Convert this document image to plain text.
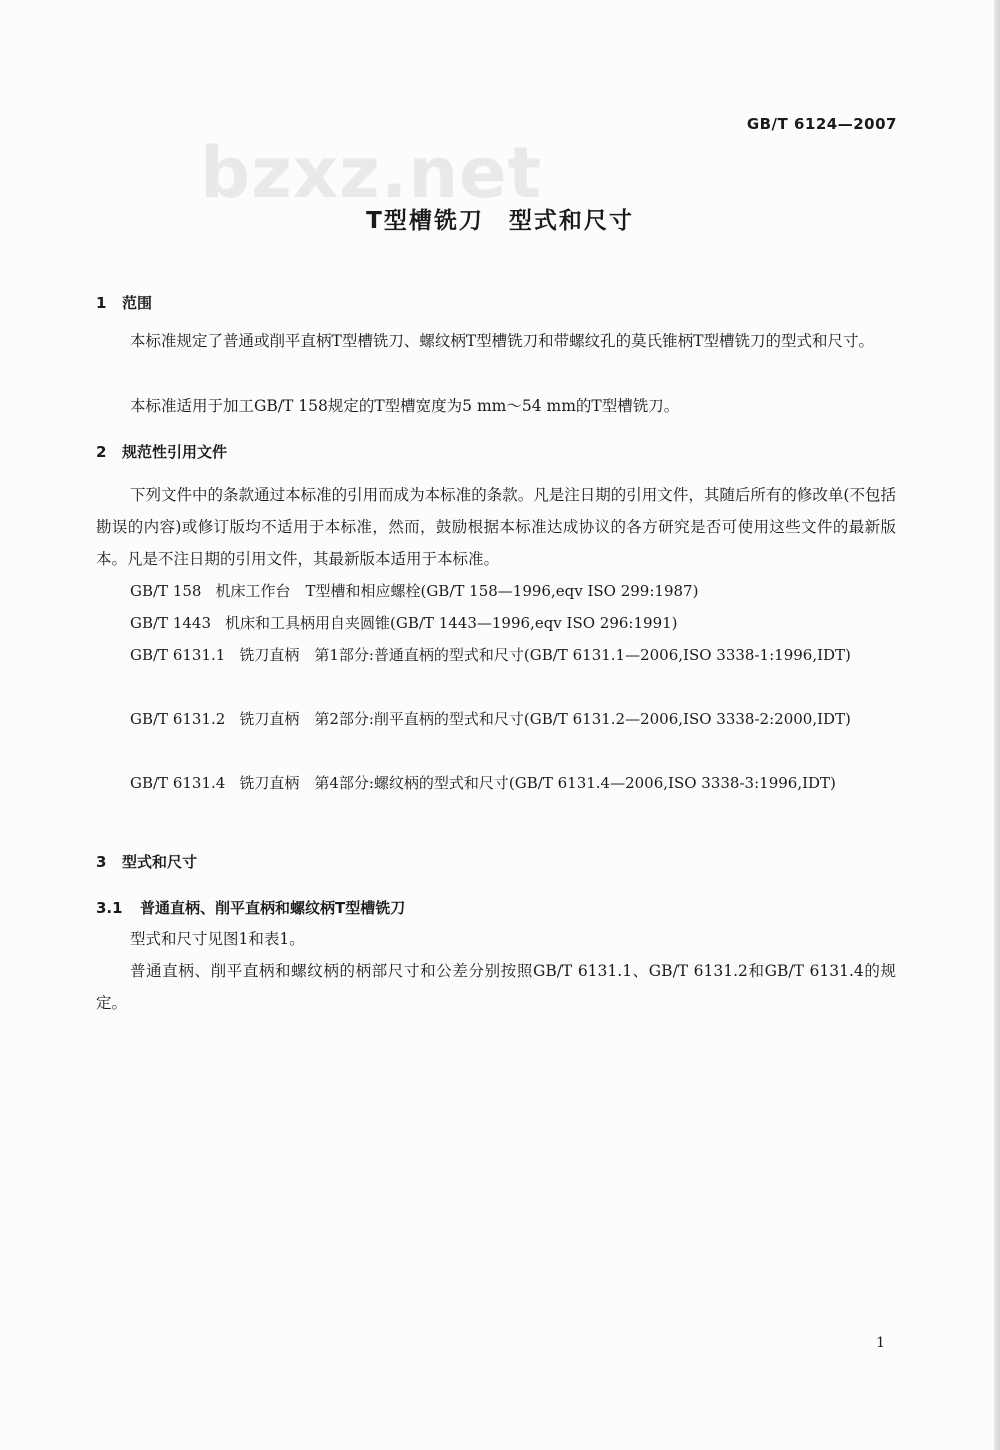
GB/T 6124—2007
bzxz.net
T型槽铣刀　型式和尺寸
1 范围
本标准规定了普通或削平直柄T型槽铣刀、螺纹柄T型槽铣刀和带螺纹孔的莫氏锥柄T型槽铣刀的型式和尺寸。
本标准适用于加工GB/T 158规定的T型槽宽度为5 mm～54 mm的T型槽铣刀。
2 规范性引用文件
下列文件中的条款通过本标准的引用而成为本标准的条款。凡是注日期的引用文件，其随后所有的修改单(不包括勘误的内容)或修订版均不适用于本标准，然而，鼓励根据本标准达成协议的各方研究是否可使用这些文件的最新版本。凡是不注日期的引用文件，其最新版本适用于本标准。
GB/T 158 机床工作台　T型槽和相应螺栓(GB/T 158—1996,eqv ISO 299:1987)
GB/T 1443 机床和工具柄用自夹圆锥(GB/T 1443—1996,eqv ISO 296:1991)
GB/T 6131.1 铣刀直柄　第1部分:普通直柄的型式和尺寸(GB/T 6131.1—2006,ISO 3338-1:1996,IDT)
GB/T 6131.2 铣刀直柄　第2部分:削平直柄的型式和尺寸(GB/T 6131.2—2006,ISO 3338-2:2000,IDT)
GB/T 6131.4 铣刀直柄　第4部分:螺纹柄的型式和尺寸(GB/T 6131.4—2006,ISO 3338-3:1996,IDT)
3 型式和尺寸
3.1 普通直柄、削平直柄和螺纹柄T型槽铣刀
型式和尺寸见图1和表1。
普通直柄、削平直柄和螺纹柄的柄部尺寸和公差分别按照GB/T 6131.1、GB/T 6131.2和GB/T 6131.4的规定。
1
